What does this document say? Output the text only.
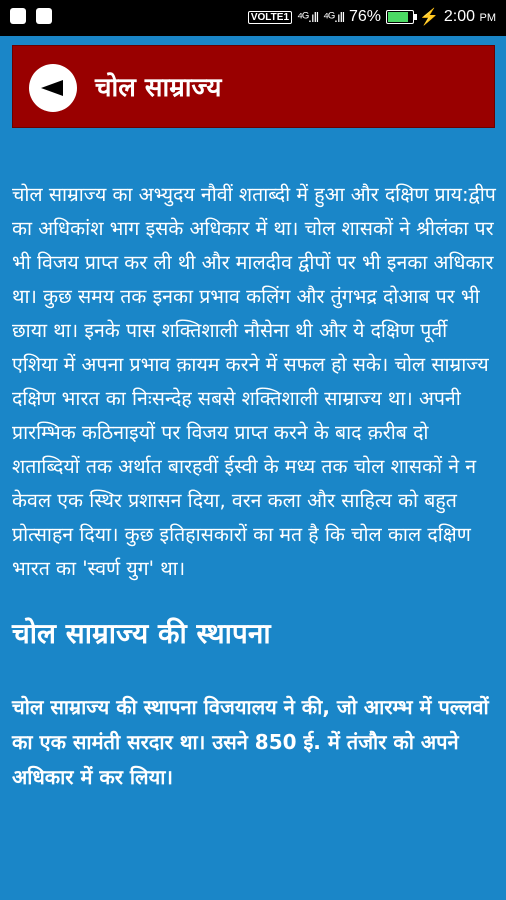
VOLTE1 ⁴ᴳ.ıll ⁴ᴳ.ıll 76% ⚡ 2:00 PM
चोल साम्राज्य

चोल साम्राज्य का अभ्युदय नौवीं शताब्दी में हुआ और दक्षिण प्राय:द्वीप का अधिकांश भाग इसके अधिकार में था। चोल शासकों ने श्रीलंका पर भी विजय प्राप्त कर ली थी और मालदीव द्वीपों पर भी इनका अधिकार था। कुछ समय तक इनका प्रभाव कलिंग और तुंगभद्र दोआब पर भी छाया था। इनके पास शक्तिशाली नौसेना थी और ये दक्षिण पूर्वी एशिया में अपना प्रभाव क़ायम करने में सफल हो सके। चोल साम्राज्य दक्षिण भारत का निःसन्देह सबसे शक्तिशाली साम्राज्य था। अपनी प्रारम्भिक कठिनाइयों पर विजय प्राप्त करने के बाद क़रीब दो शताब्दियों तक अर्थात बारहवीं ईस्वी के मध्य तक चोल शासकों ने न केवल एक स्थिर प्रशासन दिया, वरन कला और साहित्य को बहुत प्रोत्साहन दिया। कुछ इतिहासकारों का मत है कि चोल काल दक्षिण भारत का 'स्वर्ण युग' था।

चोल साम्राज्य की स्थापना

चोल साम्राज्य की स्थापना विजयालय ने की, जो आरम्भ में पल्लवों का एक सामंती सरदार था। उसने 850 ई. में तंजौर को अपने अधिकार में कर लिया।
